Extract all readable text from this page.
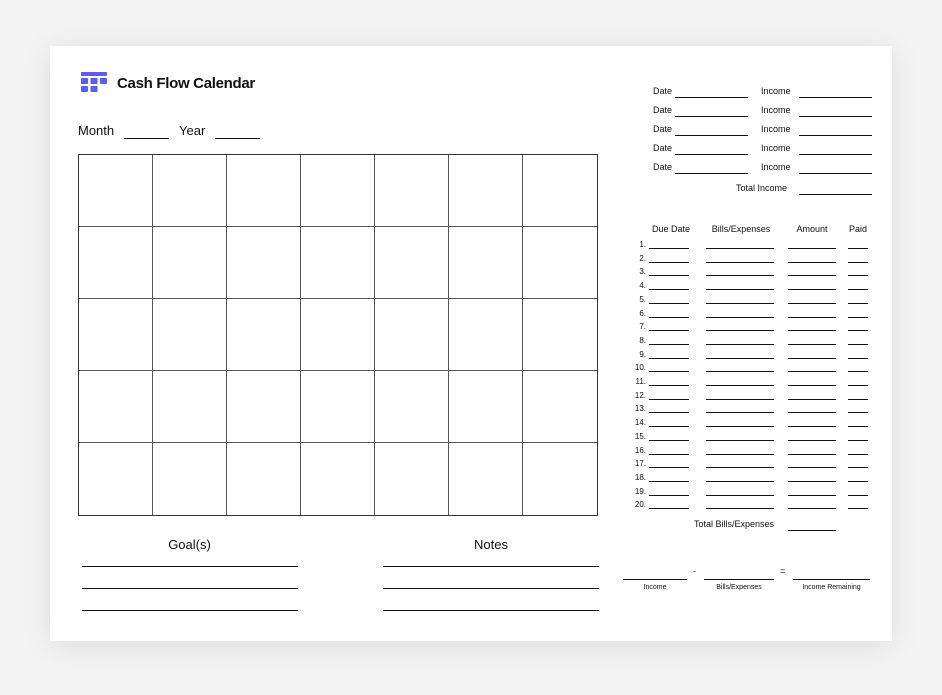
Cash Flow Calendar
Month	Year
Goal(s)	Notes
Date	Income
Date	Income
Date	Income
Date	Income
Date	Income
Total Income
Due Date	Bills/Expenses	Amount	Paid
1.
2.
3.
4.
5.
6.
7.
8.
9.
10.
11.
12.
13.
14.
15.
16.
17.
18.
19.
20.
Total Bills/Expenses
-	=
Income	Bills/Expenses	Income Remaining
